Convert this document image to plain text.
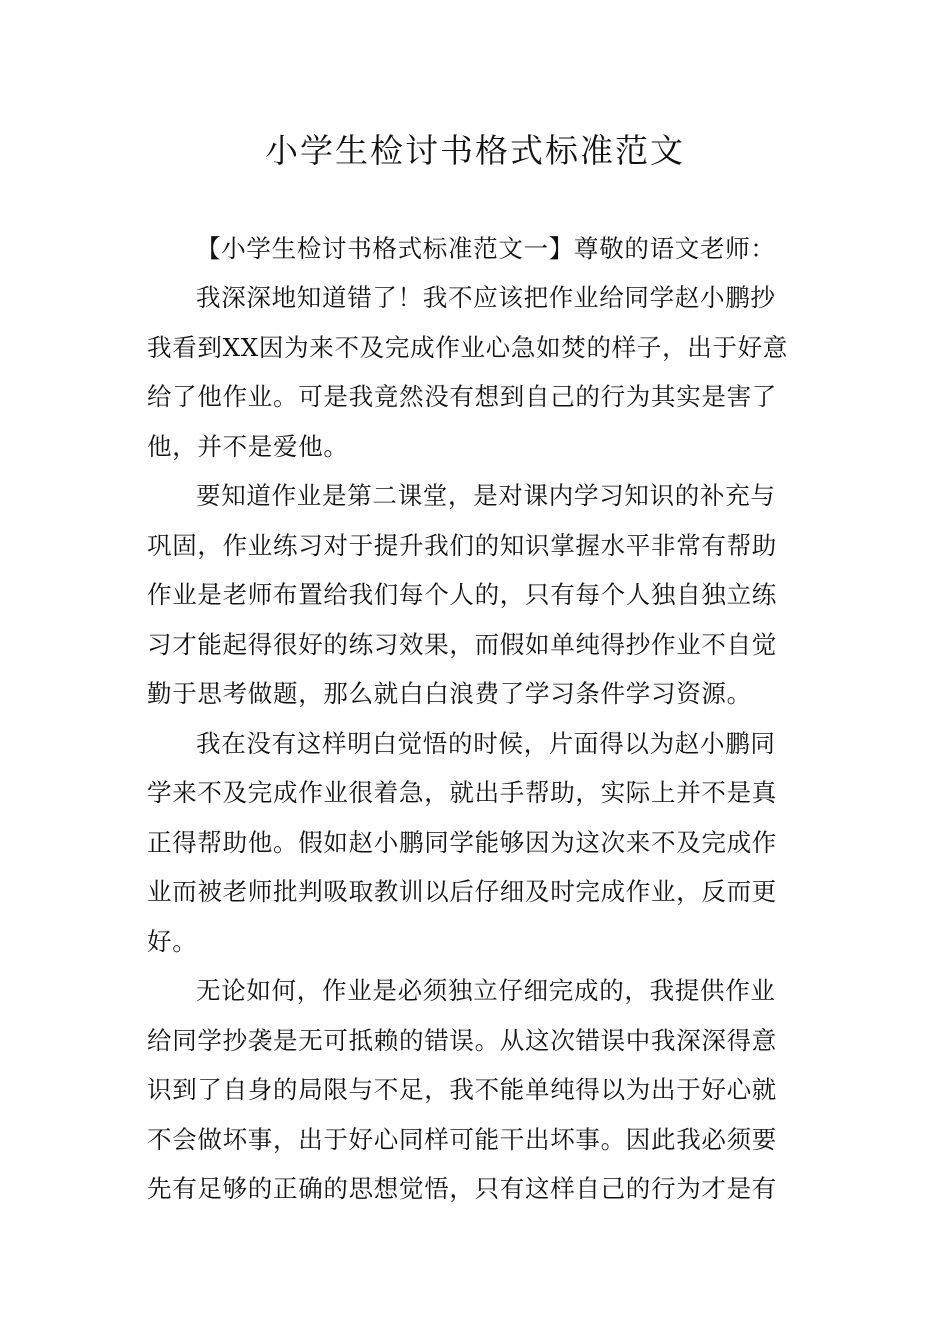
小学生检讨书格式标准范文
【小学生检讨书格式标准范文一】尊敬的语文老师：
我深深地知道错了！我不应该把作业给同学赵小鹏抄
我看到XX因为来不及完成作业心急如焚的样子，出于好意
给了他作业。可是我竟然没有想到自己的行为其实是害了
他，并不是爱他。
要知道作业是第二课堂，是对课内学习知识的补充与
巩固，作业练习对于提升我们的知识掌握水平非常有帮助
作业是老师布置给我们每个人的，只有每个人独自独立练
习才能起得很好的练习效果，而假如单纯得抄作业不自觉
勤于思考做题，那么就白白浪费了学习条件学习资源。
我在没有这样明白觉悟的时候，片面得以为赵小鹏同
学来不及完成作业很着急，就出手帮助，实际上并不是真
正得帮助他。假如赵小鹏同学能够因为这次来不及完成作
业而被老师批判吸取教训以后仔细及时完成作业，反而更
好。
无论如何，作业是必须独立仔细完成的，我提供作业
给同学抄袭是无可抵赖的错误。从这次错误中我深深得意
识到了自身的局限与不足，我不能单纯得以为出于好心就
不会做坏事，出于好心同样可能干出坏事。因此我必须要
先有足够的正确的思想觉悟，只有这样自己的行为才是有
